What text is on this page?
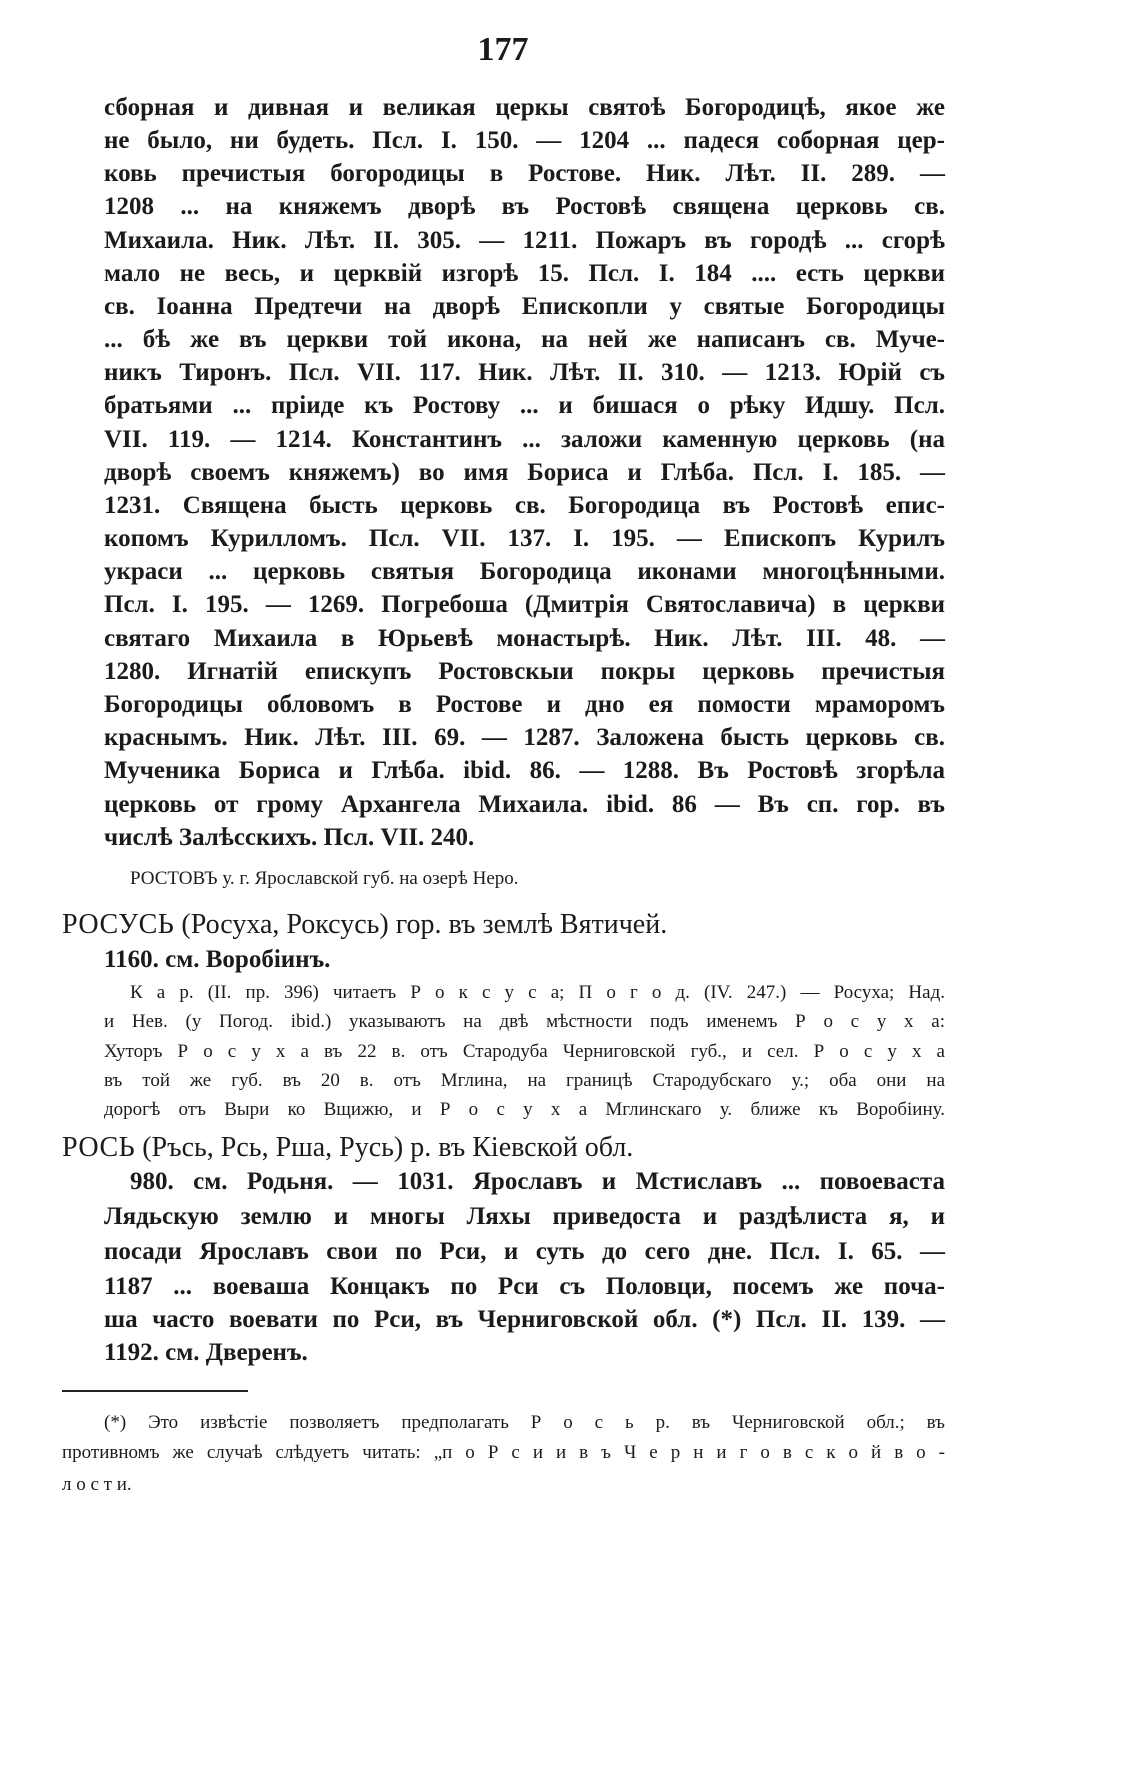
177
сборная и дивная и великая церкы святоѣ Богородицѣ, якое же
не было, ни будеть. Псл. I. 150. — 1204 ... падеся соборная цер-
ковь пречистыя богородицы в Ростове. Ник. Лѣт. II. 289. —
1208 ... на княжемъ дворѣ въ Ростовѣ священа церковь св.
Михаила. Ник. Лѣт. II. 305. — 1211. Пожаръ въ городѣ ... сгорѣ
мало не весь, и церквій изгорѣ 15. Псл. I. 184 .... есть церкви
св. Іоанна Предтечи на дворѣ Епископли у святые Богородицы
... бѣ же въ церкви той икона, на ней же написанъ св. Муче-
никъ Тиронъ. Псл. VII. 117. Ник. Лѣт. II. 310. — 1213. Юрій съ
братьями ... пріиде къ Ростову ... и бишася о рѣку Идшу. Псл.
VII. 119. — 1214. Константинъ ... заложи каменную церковь (на
дворѣ своемъ княжемъ) во имя Бориса и Глѣба. Псл. I. 185. —
1231. Священа бысть церковь св. Богородица въ Ростовѣ епис-
копомъ Курилломъ. Псл. VII. 137. I. 195. — Епископъ Курилъ
украси ... церковь святыя Богородица иконами многоцѣнными.
Псл. I. 195. — 1269. Погребоша (Дмитрія Святославича) в церкви
святаго Михаила в Юрьевѣ монастырѣ. Ник. Лѣт. III. 48. —
1280. Игнатій епискупъ Ростовскыи покры церковь пречистыя
Богородицы обловомъ в Ростове и дно ея помости мраморомъ
краснымъ. Ник. Лѣт. III. 69. — 1287. Заложена бысть церковь св.
Мученика Бориса и Глѣба. ibid. 86. — 1288. Въ Ростовѣ згорѣла
церковь от грому Архангела Михаила. ibid. 86 — Въ сп. гор. въ
числѣ Залѣсскихъ. Псл. VII. 240.
РОСТОВЪ у. г. Ярославской губ. на озерѣ Неро.
РОСУСЬ (Росуха, Роксусь) гор. въ землѣ Вятичей.
1160. см. Воробіинъ.
К а р. (II. пр. 396) читаетъ Р о к с у с а; П о г о д. (IV. 247.) — Росуха; Над.
и Нев. (у Погод. ibid.) указываютъ на двѣ мѣстности подъ именемъ Р о с у х а:
Хуторъ Р о с у х а въ 22 в. отъ Стародуба Черниговской губ., и сел. Р о с у х а
въ той же губ. въ 20 в. отъ Мглина, на границѣ Стародубскаго у.; оба они на
дорогѣ отъ Выри ко Вщижю, и Р о с у х а Мглинскаго у. ближе къ Воробіину.
РОСЬ (Ръсь, Рсь, Рша, Русь) р. въ Кіевской обл.
980. см. Родьня. — 1031. Ярославъ и Мстиславъ ... повоеваста
Лядьскую землю и многы Ляхы приведоста и раздѣлиста я, и
посади Ярославъ свои по Рси, и суть до сего дне. Псл. I. 65. —
1187 ... воеваша Концакъ по Рси съ Половци, посемъ же поча-
ша часто воевати по Рси, въ Черниговской обл. (*) Псл. II. 139. —
1192. см. Дверенъ.
(*) Это извѣстіе позволяетъ предполагать Р о с ь р. въ Черниговской обл.; въ
противномъ же случаѣ слѣдуетъ читать: „п о Р с и и в ъ Ч е р н и г о в с к о й в о -
л о с т и.
